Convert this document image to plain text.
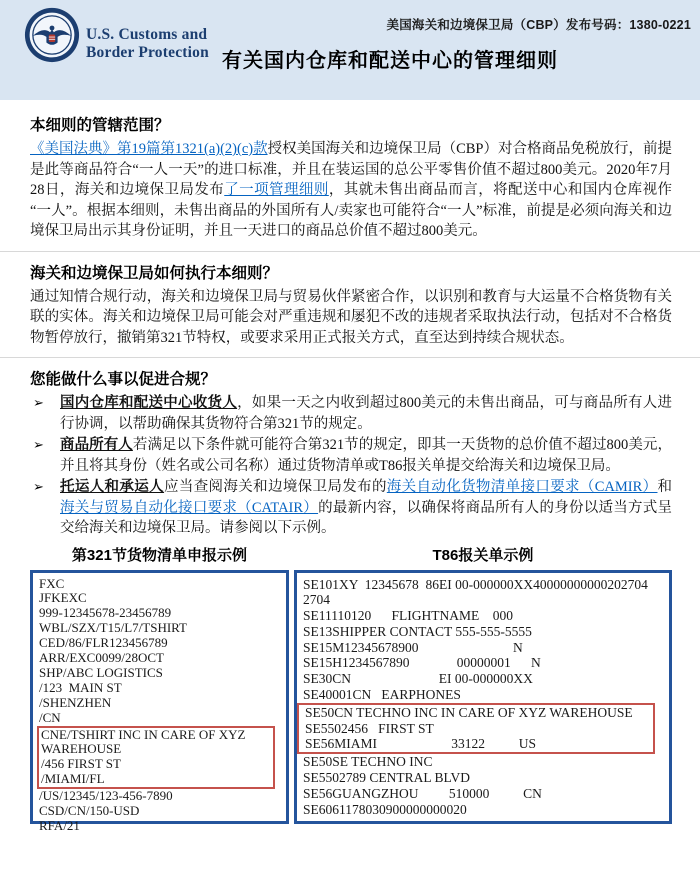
U.S. Customs and
Border Protection
美国海关和边境保卫局（CBP）发布号码：1380-0221
有关国内仓库和配送中心的管理细则
本细则的管辖范围？

《美国法典》第19篇第1321(a)(2)(c)款授权美国海关和边境保卫局（CBP）对合格商品免税放行，前提是此等商品符合“一人一天”的进口标准，并且在装运国的总公平零售价值不超过800美元。2020年7月28日，海关和边境保卫局发布了一项管理细则，其就未售出商品而言，将配送中心和国内仓库视作“一人”。根据本细则，未售出商品的外国所有人/卖家也可能符合“一人”标准，前提是必须向海关和边境保卫局出示其身份证明，并且一天进口的商品总价值不超过800美元。

海关和边境保卫局如何执行本细则？

通过知情合规行动，海关和边境保卫局与贸易伙伴紧密合作，以识别和教育与大运量不合格货物有关联的实体。海关和边境保卫局可能会对严重违规和屡犯不改的违规者采取执法行动，包括对不合格货物暂停放行，撤销第321节特权，或要求采用正式报关方式，直至达到持续合规状态。

您能做什么事以促进合规？
➢ 国内仓库和配送中心收货人，如果一天之内收到超过800美元的未售出商品，可与商品所有人进行协调，以帮助确保其货物符合第321节的规定。
➢ 商品所有人若满足以下条件就可能符合第321节的规定，即其一天货物的总价值不超过800美元，并且将其身份（姓名或公司名称）通过货物清单或T86报关单提交给海关和边境保卫局。
➢ 托运人和承运人应当查阅海关和边境保卫局发布的海关自动化货物清单接口要求（CAMIR）和海关与贸易自动化接口要求（CATAIR）的最新内容，以确保将商品所有人的身份以适当方式呈交给海关和边境保卫局。请参阅以下示例。
第321节货物清单申报示例	T86报关单示例
FXC
JFKEXC
999-12345678-23456789
WBL/SZX/T15/L7/TSHIRT
CED/86/FLR123456789
ARR/EXC0099/28OCT
SHP/ABC LOGISTICS
/123  MAIN ST
/SHENZHEN
/CN
CNE/TSHIRT INC IN CARE OF XYZ WAREHOUSE
/456 FIRST ST
/MIAMI/FL
/US/12345/123-456-7890
CSD/CN/150-USD
RFA/21
SE101XY  12345678  86EI 00-000000XX40000000000202704
2704
SE11110120      FLIGHTNAME    000
SE13SHIPPER CONTACT 555-555-5555
SE15M12345678900                            N
SE15H1234567890              00000001      N
SE30CN                          EI 00-000000XX
SE40001CN   EARPHONES
SE50CN TECHNO INC IN CARE OF XYZ WAREHOUSE
SE5502456   FIRST ST
SE56MIAMI                      33122          US
SE50SE TECHNO INC
SE5502789 CENTRAL BLVD
SE56GUANGZHOU         510000          CN
SE6061178030900000000020
